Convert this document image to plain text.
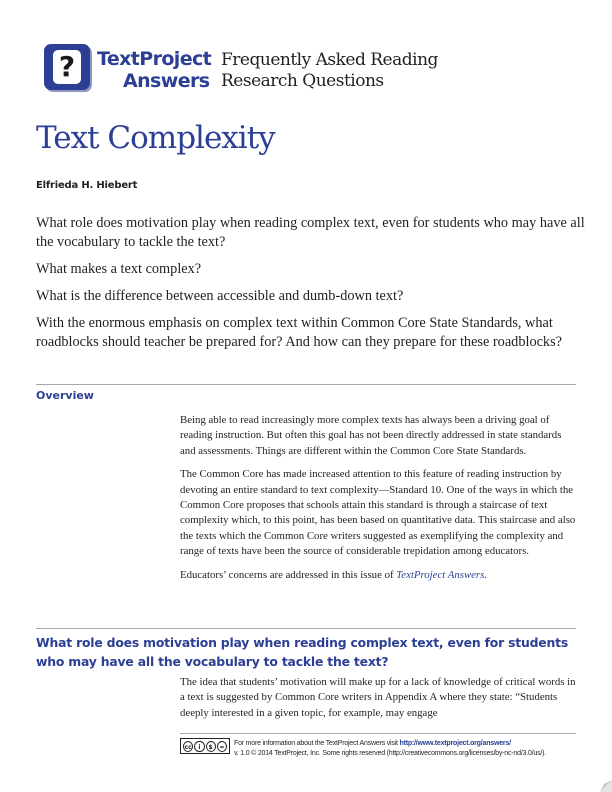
?	TextProject
Answers
Frequently Asked Reading
Research Questions
Text Complexity
Elfrieda H. Hiebert

What role does motivation play when reading complex text, even for students who may have all the vocabulary to tackle the text?

What makes a text complex?

What is the difference between accessible and dumb-down text?

With the enormous emphasis on complex text within Common Core State Standards, what roadblocks should teacher be prepared for? And how can they prepare for these roadblocks?

Overview

Being able to read increasingly more complex texts has always been a driving goal of reading instruction. But often this goal has not been directly addressed in state standards and assessments. Things are different within the Common Core State Standards.

The Common Core has made increased attention to this feature of reading instruction by devoting an entire standard to text complexity—Standard 10. One of the ways in which the Common Core proposes that schools attain this standard is through a staircase of text complexity which, to this point, has been based on quantitative data. This staircase and also the texts which the Common Core writers suggested as exemplifying the complexity and range of texts have been the source of considerable trepidation among educators.

Educators’ concerns are addressed in this issue of TextProject Answers.

What role does motivation play when reading complex text, even for students who may have all the vocabulary to tackle the text?

The idea that students’ motivation will make up for a lack of knowledge of critical words in a text is suggested by Common Core writers in Appendix A where they state: “Students deeply interested in a given topic, for example, may engage

cc	i	$	=	For more information about the TextProject Answers visit http://www.textproject.org/answers/
v. 1.0 © 2014 TextProject, Inc. Some rights reserved (http://creativecommons.org/licenses/by-nc-nd/3.0/us/).
